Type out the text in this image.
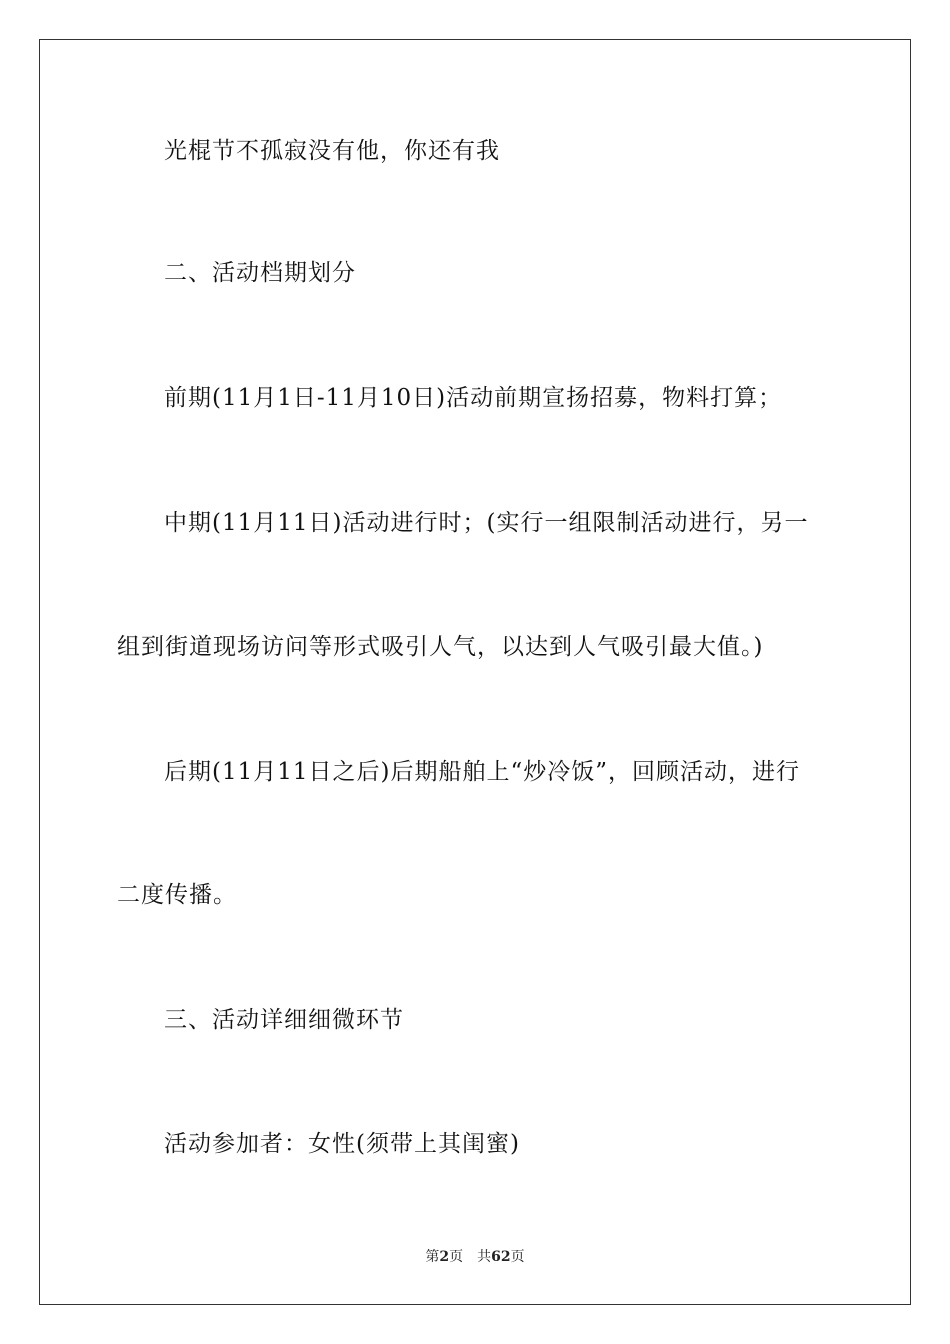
光棍节不孤寂没有他，你还有我
二、活动档期划分
前期(11月1日-11月10日)活动前期宣扬招募，物料打算；
中期(11月11日)活动进行时；(实行一组限制活动进行，另一
组到街道现场访问等形式吸引人气，以达到人气吸引最大值。)
后期(11月11日之后)后期船舶上“炒冷饭”，回顾活动，进行
二度传播。
三、活动详细细微环节
活动参加者：女性(须带上其闺蜜)
第2页 共62页
